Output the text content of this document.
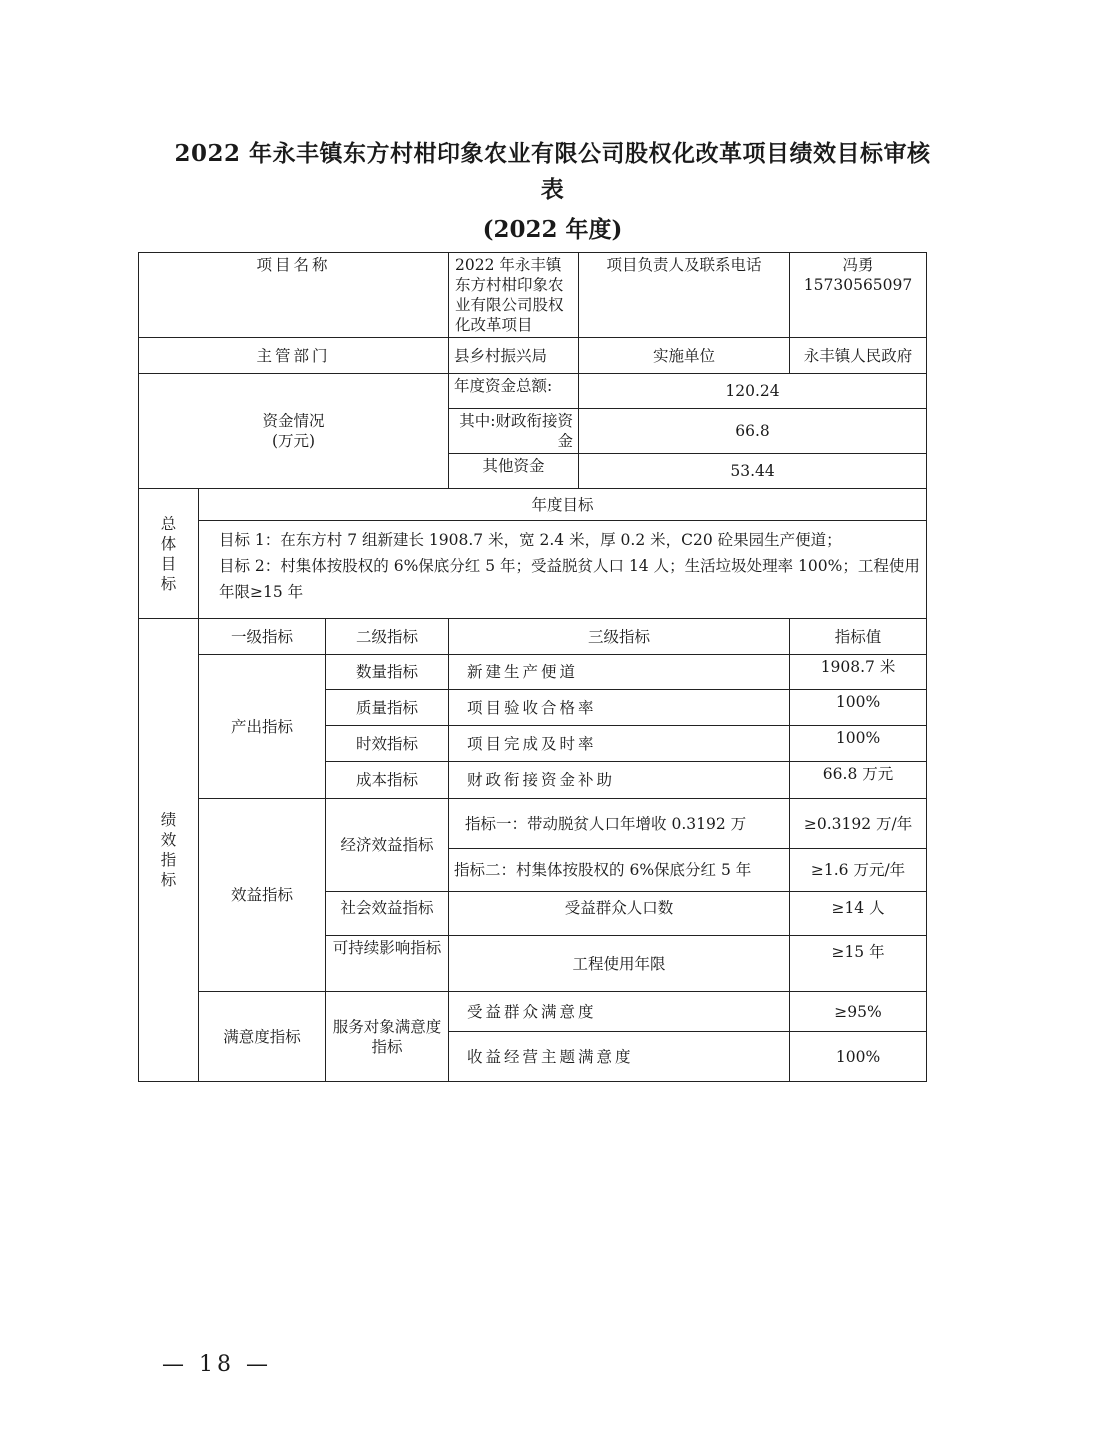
2022 年永丰镇东方村柑印象农业有限公司股权化改革项目绩效目标审核
表
(2022 年度)
项目名称			2022 年永丰镇东方村柑印象农业有限公司股权化改革项目	项目负责人及联系电话	冯勇
15730565097

主管部门			县乡村振兴局	实施单位	永丰镇人民政府

资金情况
(万元)			年度资金总额:	120.24	
			其中:财政衔接资金	66.8	
			其他资金	53.44	

总
体
目
标	年度目标				

	目标 1：在东方村 7 组新建长 1908.7 米，宽 2.4 米，厚 0.2 米，C20 砼果园生产便道；

目标 2：村集体按股权的 6%保底分红 5 年；受益脱贫人口 14 人；生活垃圾处理率 100%；工程使用年限≥15 年				

绩
效
指
标	一级指标	二级指标	三级指标		指标值
	产出指标	数量指标	新建生产便道		1908.7 米
		质量指标	项目验收合格率		100%
		时效指标	项目完成及时率		100%
		成本指标	财政衔接资金补助		66.8 万元
	效益指标	经济效益指标	指标一：带动脱贫人口年增收 0.3192 万		≥0.3192 万/年
			指标二：村集体按股权的 6%保底分红 5 年		≥1.6 万元/年
		社会效益指标	受益群众人口数		≥14 人
		可持续影响指标	工程使用年限		≥15 年
	满意度指标	服务对象满意度指标	受益群众满意度		≥95%
			收益经营主题满意度		100%
— 18 —
